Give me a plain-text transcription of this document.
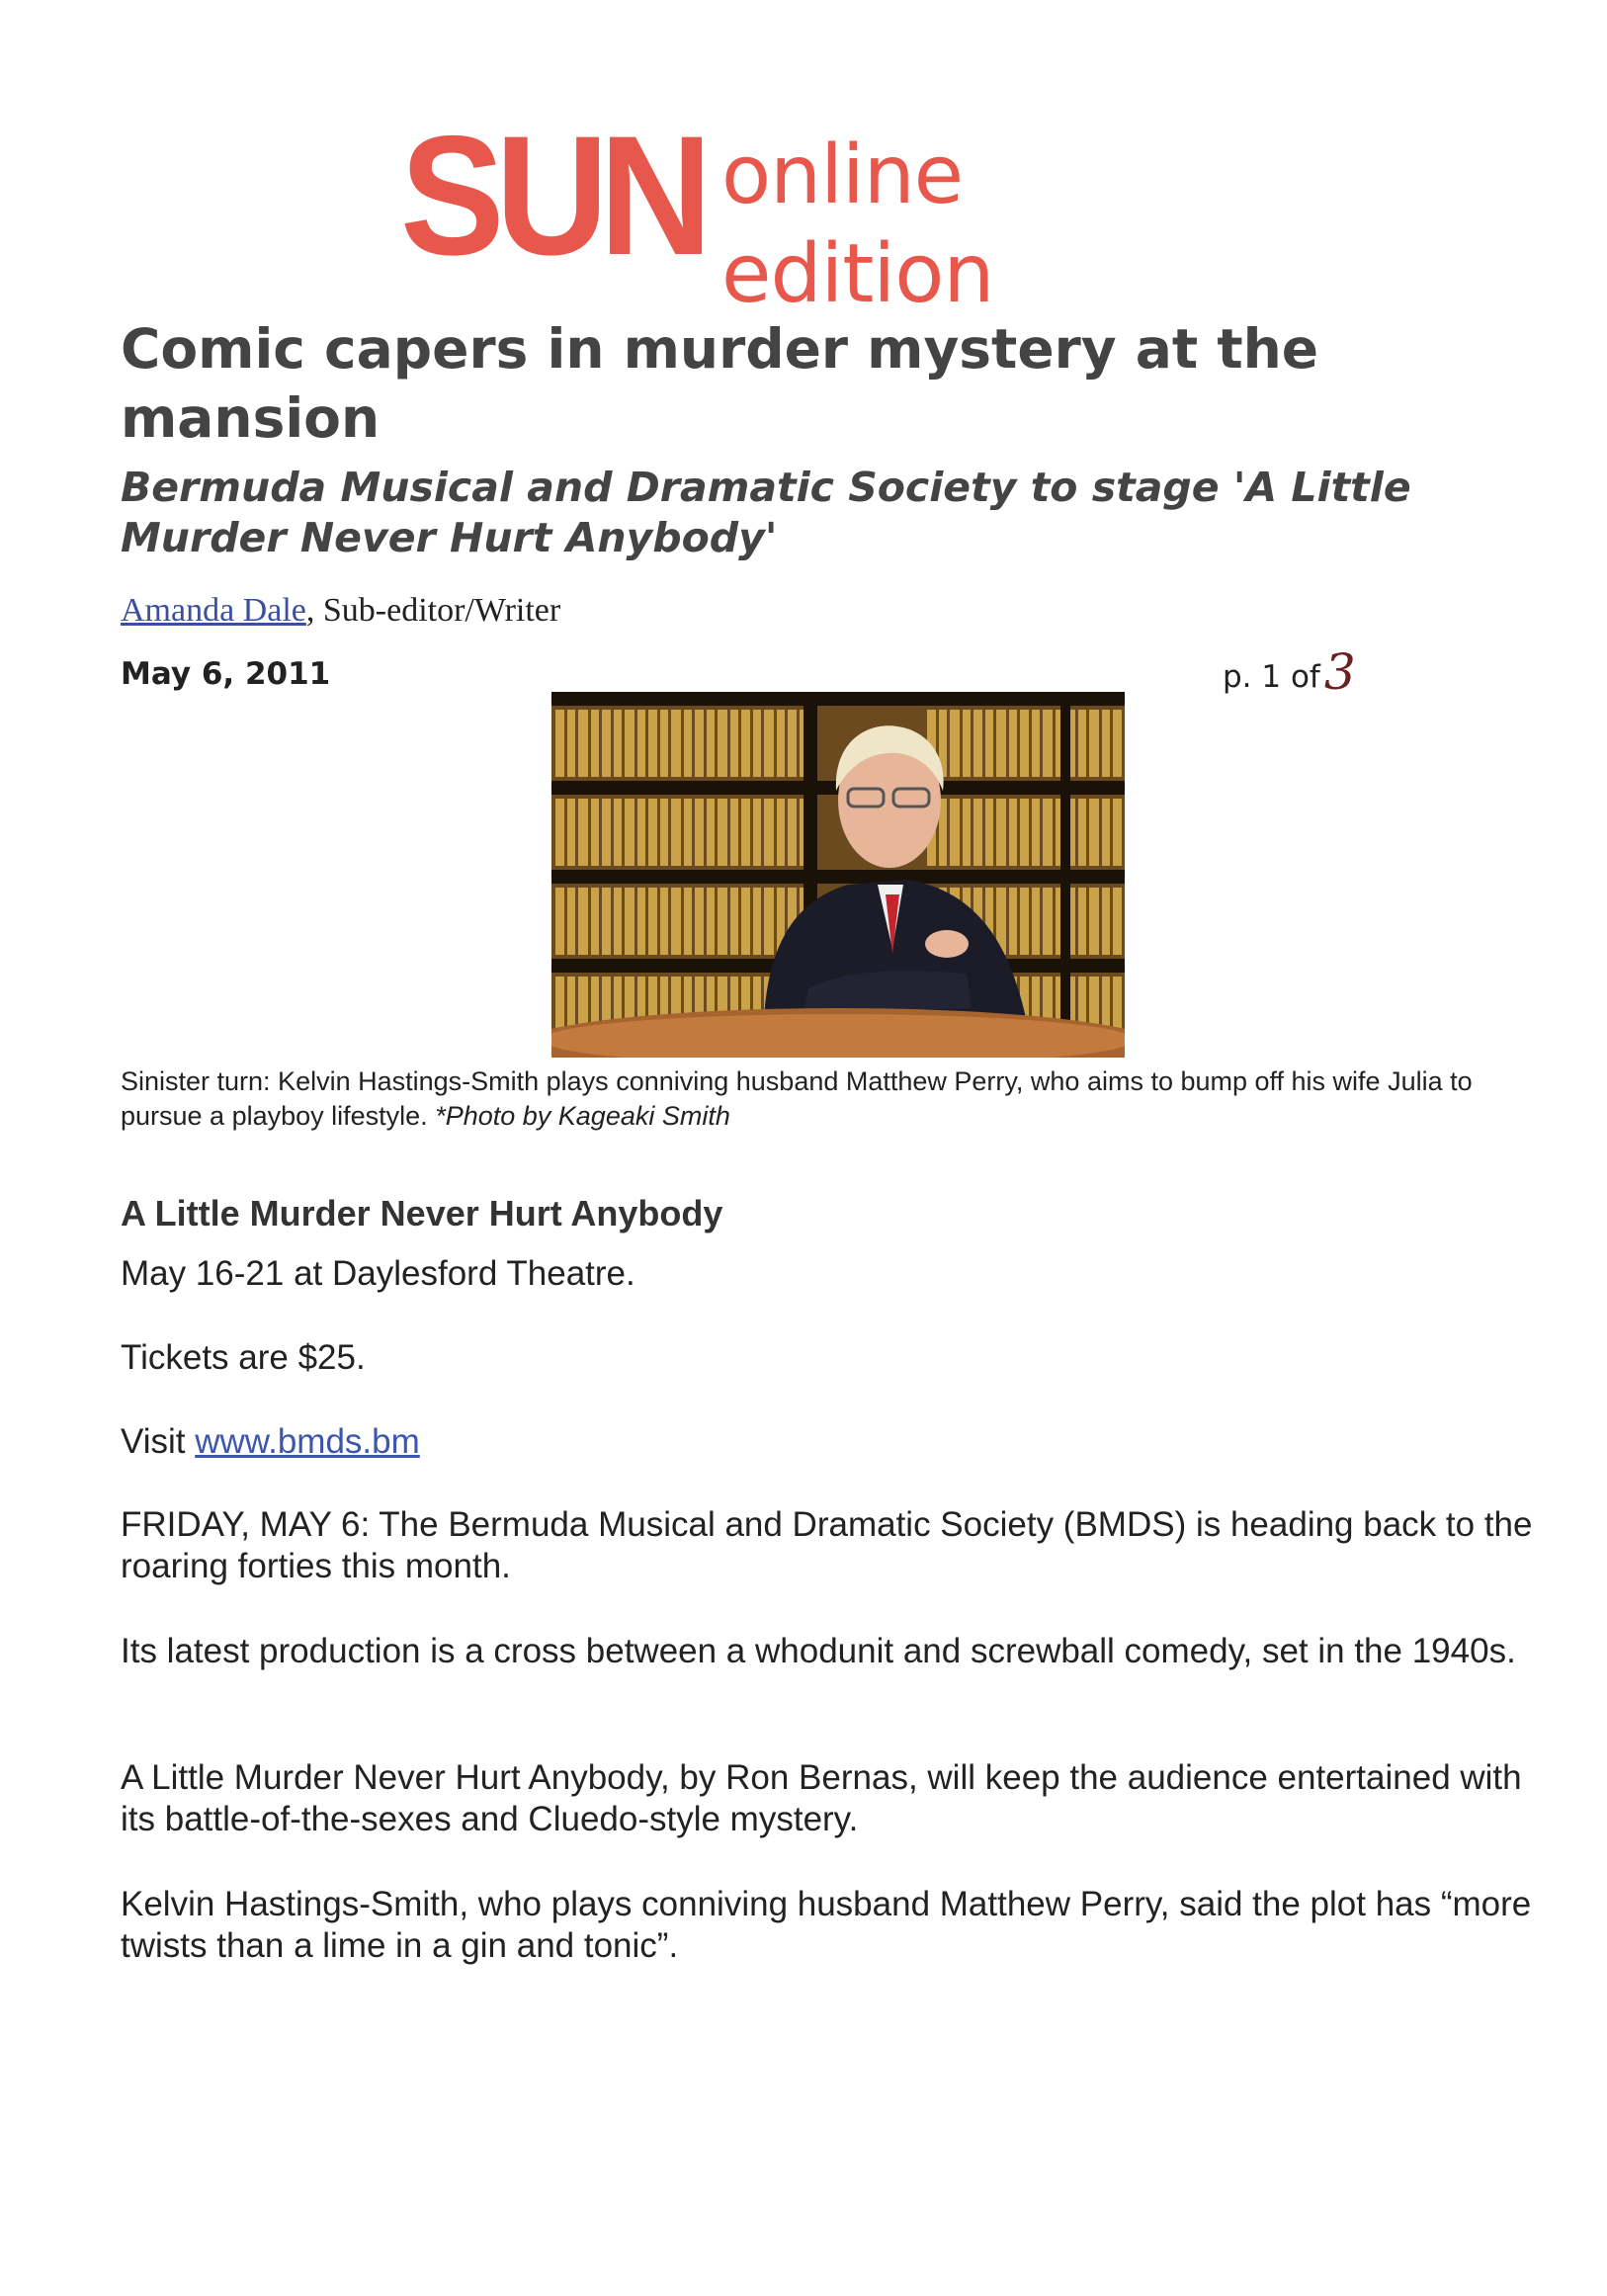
SUN online edition
Comic capers in murder mystery at the mansion
Bermuda Musical and Dramatic Society to stage 'A Little Murder Never Hurt Anybody'
Amanda Dale, Sub-editor/Writer
May 6, 2011	p. 1 of3

Sinister turn: Kelvin Hastings-Smith plays conniving husband Matthew Perry, who aims to bump off his wife Julia to pursue a playboy lifestyle. *Photo by Kageaki Smith

A Little Murder Never Hurt Anybody

May 16-21 at Daylesford Theatre.

Tickets are $25.

Visit www.bmds.bm

FRIDAY, MAY 6: The Bermuda Musical and Dramatic Society (BMDS) is heading back to the roaring forties this month.

Its latest production is a cross between a whodunit and screwball comedy, set in the 1940s.

A Little Murder Never Hurt Anybody, by Ron Bernas, will keep the audience entertained with its battle-of-the-sexes and Cluedo-style mystery.

Kelvin Hastings-Smith, who plays conniving husband Matthew Perry, said the plot has “more twists than a lime in a gin and tonic”.
